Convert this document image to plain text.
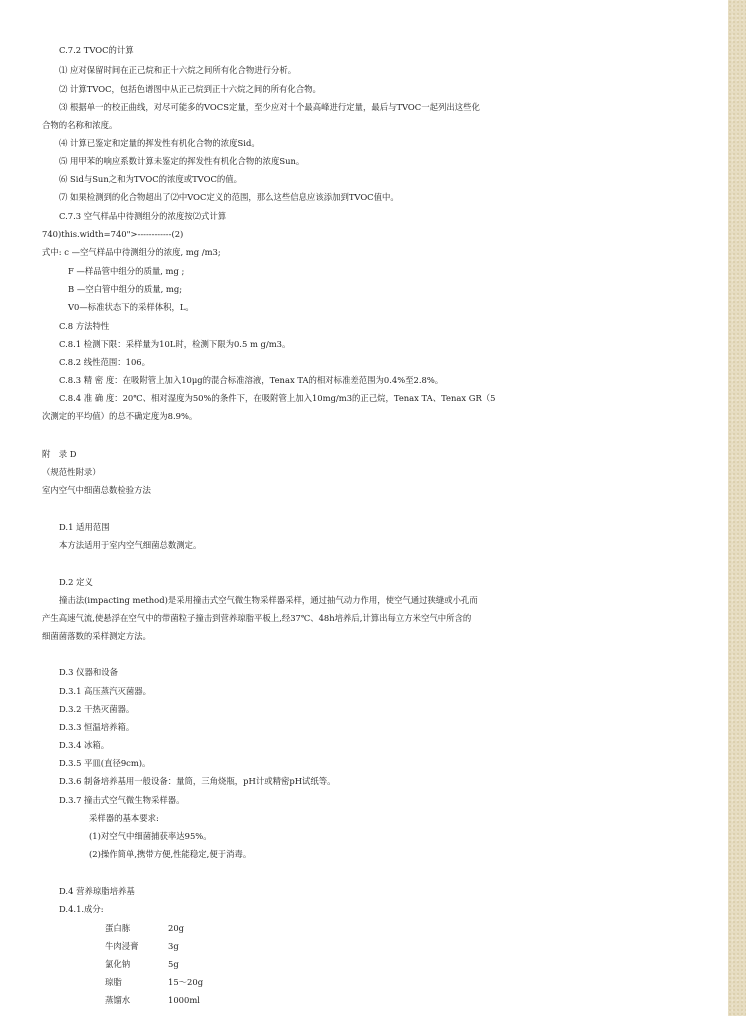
C.7.2 TVOC的计算
⑴ 应对保留时间在正己烷和正十六烷之间所有化合物进行分析。
⑵ 计算TVOC，包括色谱图中从正己烷到正十六烷之间的所有化合物。
⑶ 根据单一的校正曲线，对尽可能多的VOCS定量，至少应对十个最高峰进行定量，最后与TVOC一起列出这些化
合物的名称和浓度。
⑷ 计算已鉴定和定量的挥发性有机化合物的浓度Sid。
⑸ 用甲苯的响应系数计算未鉴定的挥发性有机化合物的浓度Sun。
⑹ Sid与Sun之和为TVOC的浓度或TVOC的值。
⑺ 如果检测到的化合物超出了⑵中VOC定义的范围，那么这些信息应该添加到TVOC值中。
C.7.3 空气样品中待测组分的浓度按⑵式计算
740)this.width=740">------------(2)
式中: c —空气样品中待测组分的浓度, mg /m3;
F —样品管中组分的质量, mg ;
B —空白管中组分的质量, mg;
V0—标准状态下的采样体积，L。
C.8 方法特性
C.8.1 检测下限：采样量为10L时，检测下限为0.5 m g/m3。
C.8.2 线性范围：106。
C.8.3 精 密 度：在吸附管上加入10μg的混合标准溶液，Tenax TA的相对标准差范围为0.4%至2.8%。
C.8.4 准 确 度：20℃、相对湿度为50%的条件下，在吸附管上加入10mg/m3的正己烷，Tenax TA、Tenax GR（5
次测定的平均值）的总不确定度为8.9%。
附　录 D
（规范性附录）
室内空气中细菌总数检验方法
D.1 适用范围
本方法适用于室内空气细菌总数测定。
D.2 定义
撞击法(impacting method)是采用撞击式空气微生物采样器采样，通过抽气动力作用，使空气通过狭缝或小孔而
产生高速气流,使悬浮在空气中的带菌粒子撞击到营养琼脂平板上,经37℃、48h培养后,计算出每立方米空气中所含的
细菌菌落数的采样测定方法。
D.3 仪器和设备
D.3.1 高压蒸汽灭菌器。
D.3.2 干热灭菌器。
D.3.3 恒温培养箱。
D.3.4 冰箱。
D.3.5 平皿(直径9cm)。
D.3.6 制备培养基用一般设备：量筒，三角烧瓶，pH计或精密pH试纸等。
D.3.7 撞击式空气微生物采样器。
采样器的基本要求:
(1)对空气中细菌捕获率达95%。
(2)操作简单,携带方便,性能稳定,便于消毒。
D.4 营养琼脂培养基
D.4.1.成分:
蛋白胨	20g
牛肉浸膏	3g
氯化钠	5g
琼脂	15～20g
蒸馏水	1000ml
